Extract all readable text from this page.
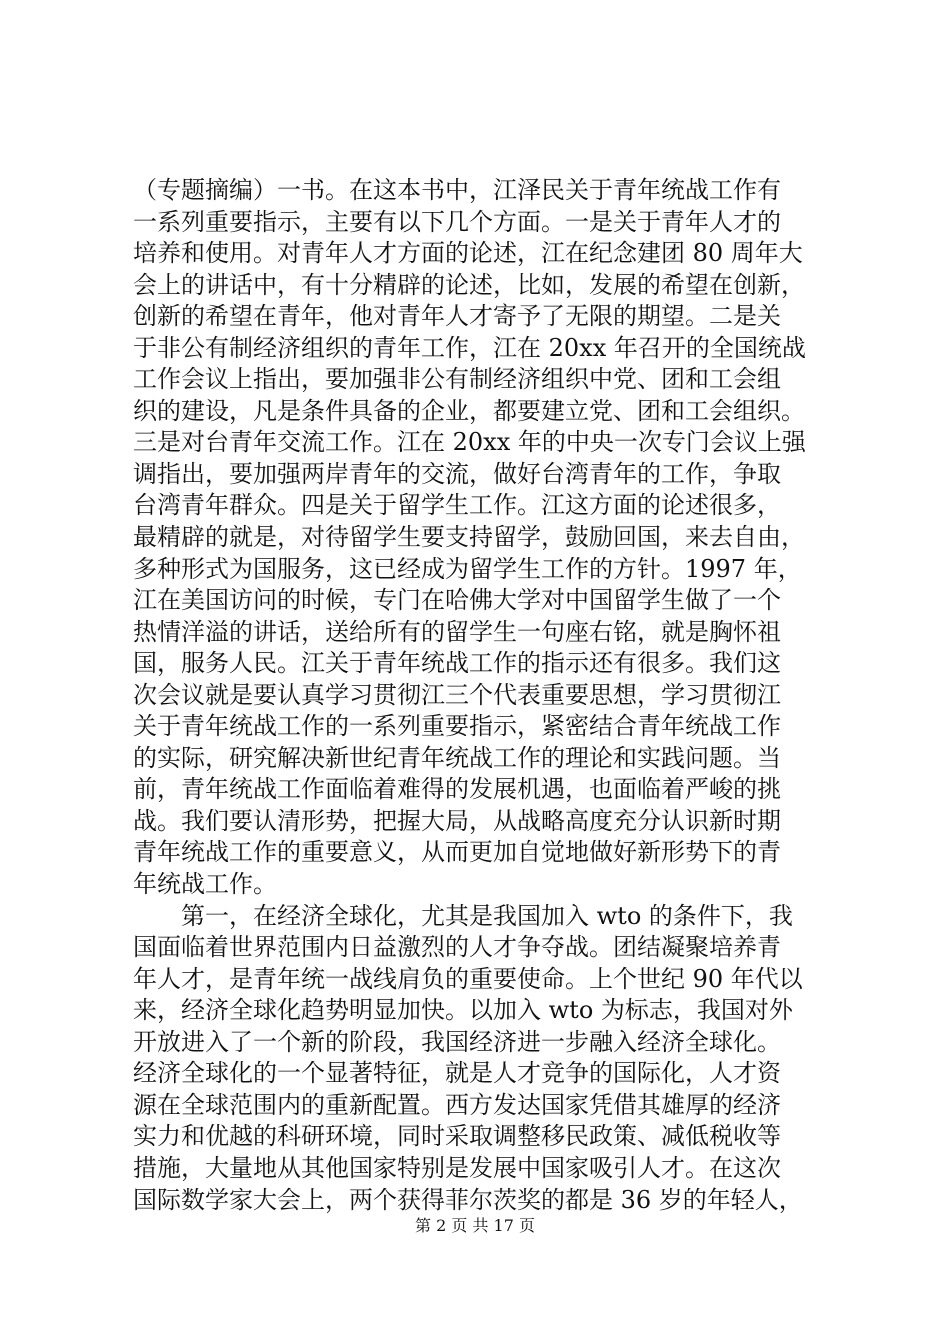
（专题摘编）一书。在这本书中，江泽民关于青年统战工作有
一系列重要指示，主要有以下几个方面。一是关于青年人才的
培养和使用。对青年人才方面的论述，江在纪念建团 80 周年大
会上的讲话中，有十分精辟的论述，比如，发展的希望在创新，
创新的希望在青年，他对青年人才寄予了无限的期望。二是关
于非公有制经济组织的青年工作，江在 20xx 年召开的全国统战
工作会议上指出，要加强非公有制经济组织中党、团和工会组
织的建设，凡是条件具备的企业，都要建立党、团和工会组织。
三是对台青年交流工作。江在 20xx 年的中央一次专门会议上强
调指出，要加强两岸青年的交流，做好台湾青年的工作，争取
台湾青年群众。四是关于留学生工作。江这方面的论述很多，
最精辟的就是，对待留学生要支持留学，鼓励回国，来去自由，
多种形式为国服务，这已经成为留学生工作的方针。1997 年，
江在美国访问的时候，专门在哈佛大学对中国留学生做了一个
热情洋溢的讲话，送给所有的留学生一句座右铭，就是胸怀祖
国，服务人民。江关于青年统战工作的指示还有很多。我们这
次会议就是要认真学习贯彻江三个代表重要思想，学习贯彻江
关于青年统战工作的一系列重要指示，紧密结合青年统战工作
的实际，研究解决新世纪青年统战工作的理论和实践问题。当
前，青年统战工作面临着难得的发展机遇，也面临着严峻的挑
战。我们要认清形势，把握大局，从战略高度充分认识新时期
青年统战工作的重要意义，从而更加自觉地做好新形势下的青
年统战工作。
　　第一，在经济全球化，尤其是我国加入 wto 的条件下，我
国面临着世界范围内日益激烈的人才争夺战。团结凝聚培养青
年人才，是青年统一战线肩负的重要使命。上个世纪 90 年代以
来，经济全球化趋势明显加快。以加入 wto 为标志，我国对外
开放进入了一个新的阶段，我国经济进一步融入经济全球化。
经济全球化的一个显著特征，就是人才竞争的国际化，人才资
源在全球范围内的重新配置。西方发达国家凭借其雄厚的经济
实力和优越的科研环境，同时采取调整移民政策、减低税收等
措施，大量地从其他国家特别是发展中国家吸引人才。在这次
国际数学家大会上，两个获得菲尔茨奖的都是 36 岁的年轻人，
第 2 页 共 17 页
